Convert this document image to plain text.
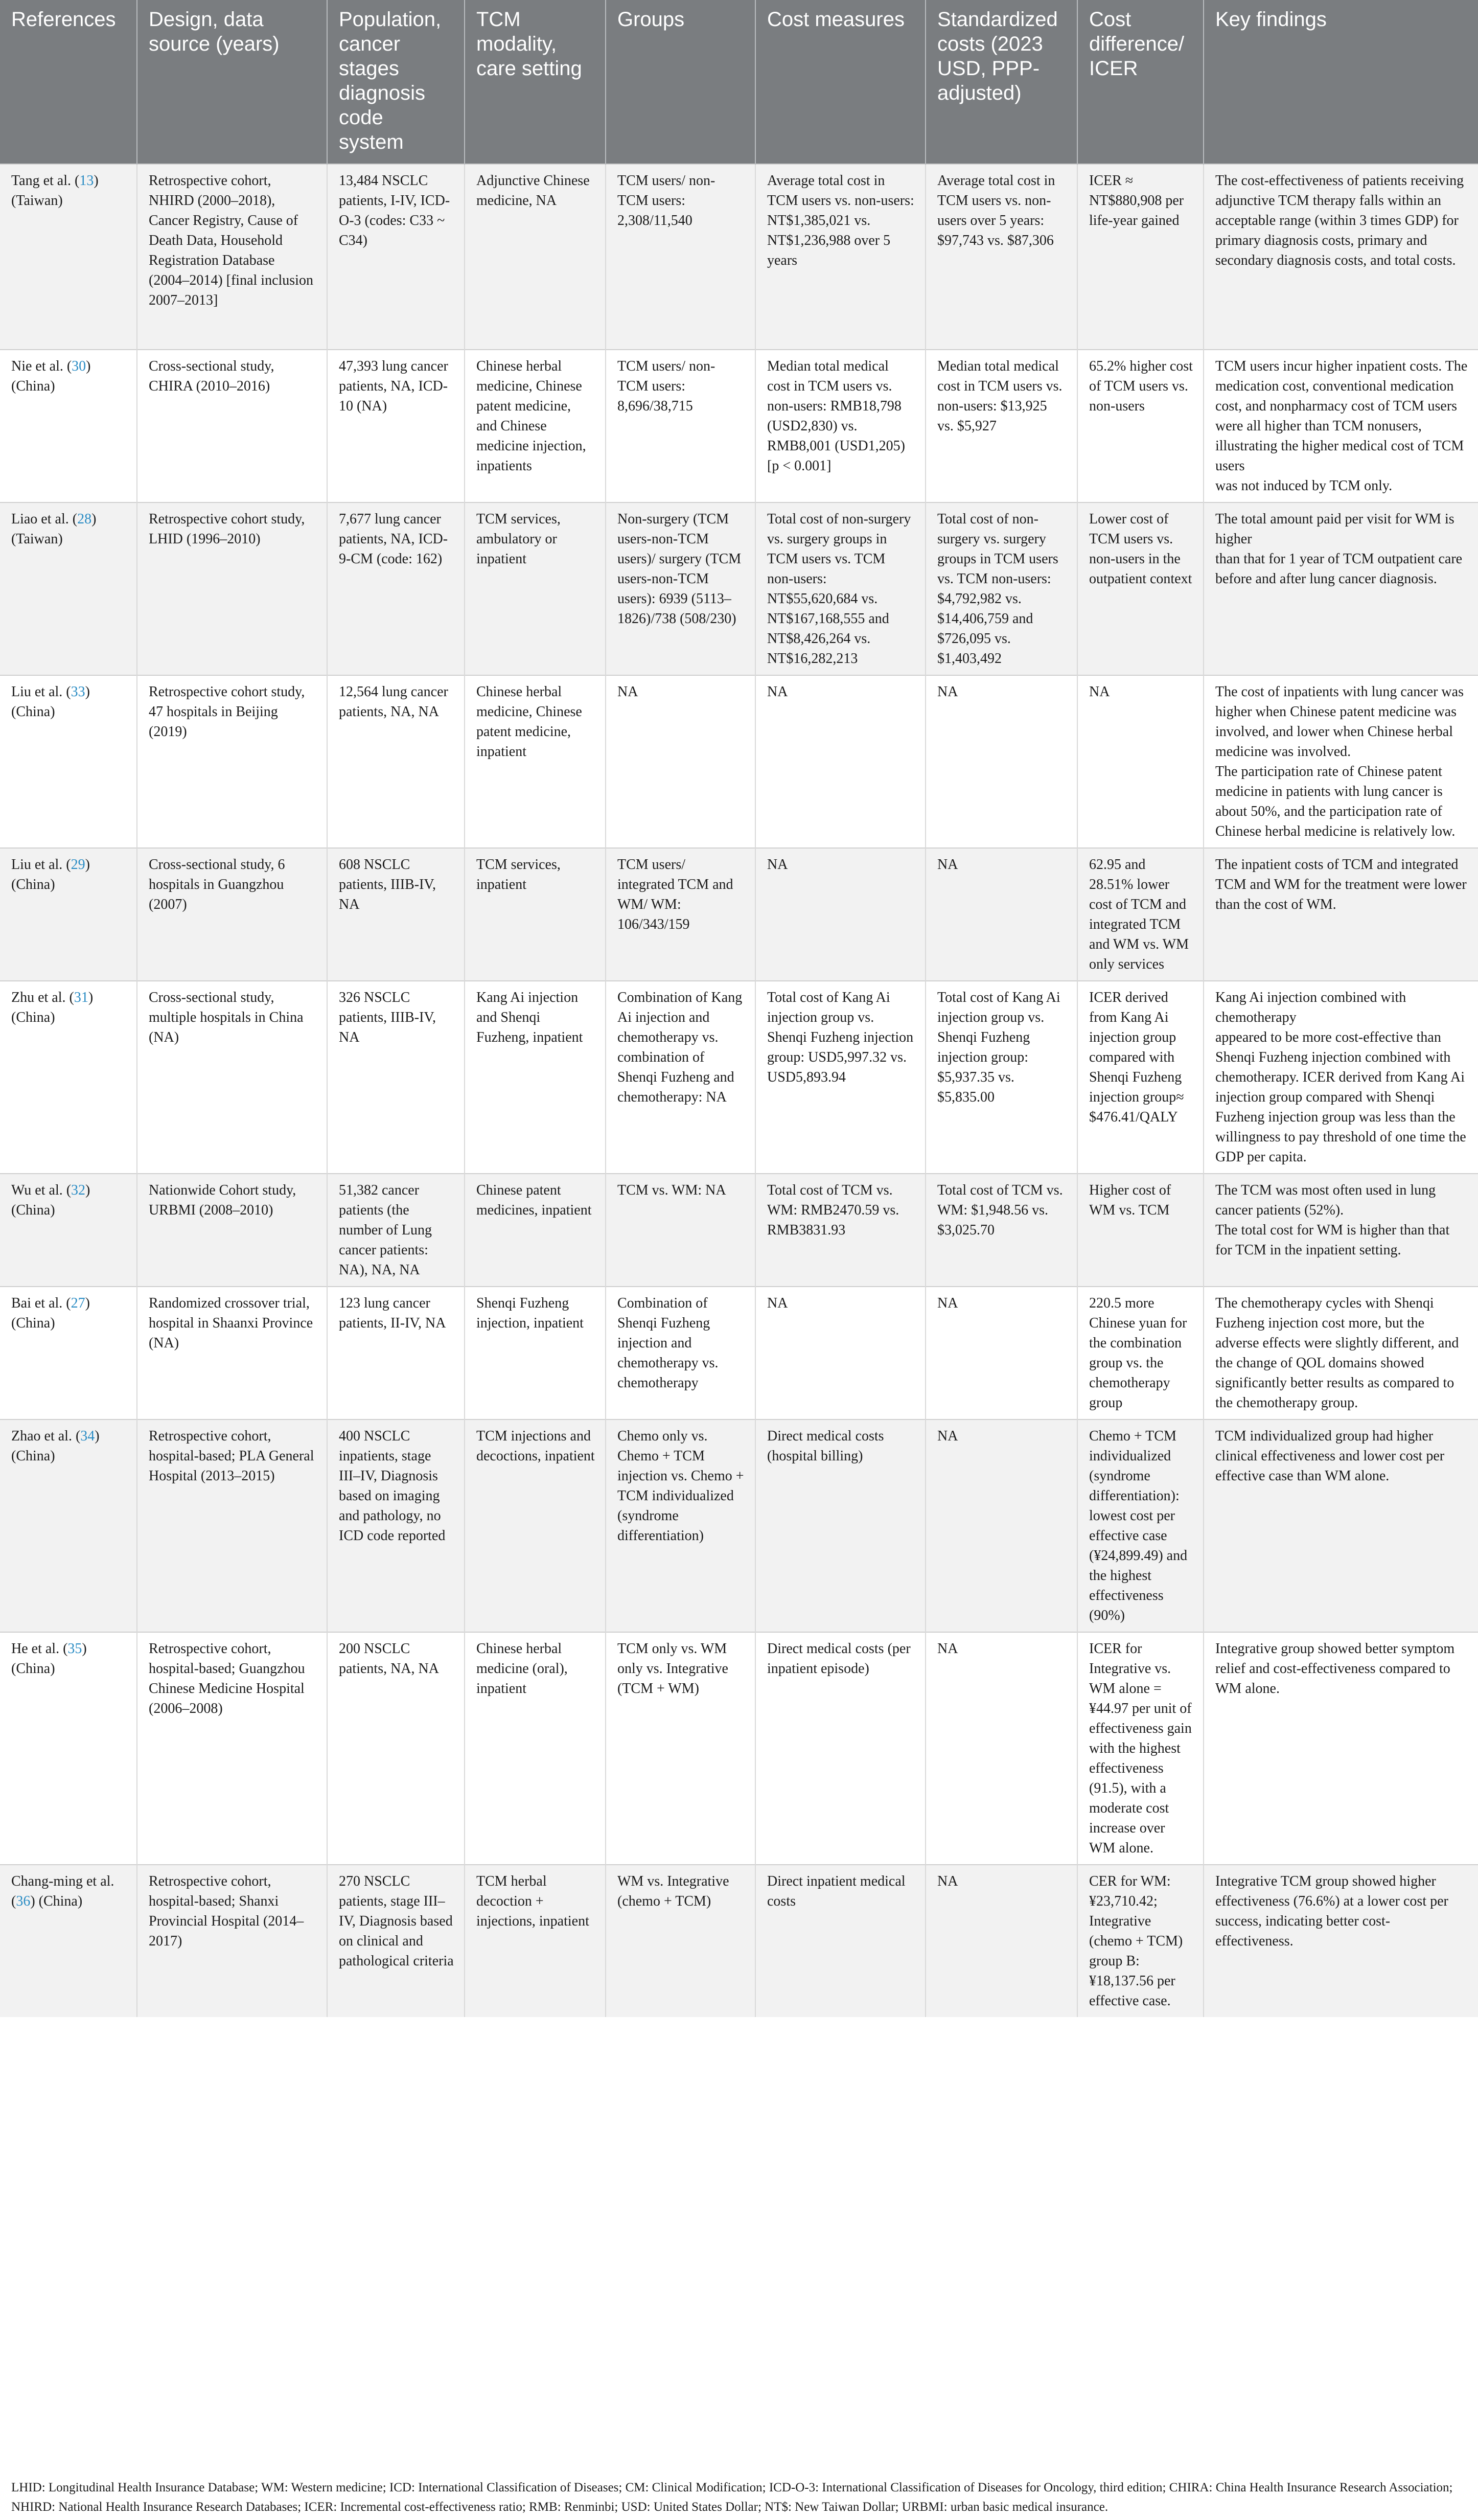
References	Design, data source (years)	Population, cancer stages diagnosis code system	TCM modality, care setting	Groups	Cost measures	Standardized costs (2023 USD, PPP-adjusted)	Cost difference/ ICER	Key findings
Tang et al. (13) (Taiwan)	Retrospective cohort, NHIRD (2000–2018), Cancer Registry, Cause of Death Data, Household Registration Database (2004–2014) [final inclusion 2007–2013]	13,484 NSCLC patients, I-IV, ICD-O-3 (codes: C33 ~ C34)	Adjunctive Chinese medicine, NA	TCM users/ non-TCM users: 2,308/11,540	Average total cost in TCM users vs. non-users: NT$1,385,021 vs. NT$1,236,988 over 5 years	Average total cost in TCM users vs. non-users over 5 years: $97,743 vs. $87,306	ICER ≈ NT$880,908 per life-year gained	The cost-effectiveness of patients receiving adjunctive TCM therapy falls within an acceptable range (within 3 times GDP) for primary diagnosis costs, primary and secondary diagnosis costs, and total costs.
Nie et al. (30) (China)	Cross-sectional study, CHIRA (2010–2016)	47,393 lung cancer patients, NA, ICD-10 (NA)	Chinese herbal medicine, Chinese patent medicine, and Chinese medicine injection, inpatients	TCM users/ non-TCM users: 8,696/38,715	Median total medical cost in TCM users vs. non-users: RMB18,798 (USD2,830) vs. RMB8,001 (USD1,205) [p < 0.001]	Median total medical cost in TCM users vs. non-users: $13,925 vs. $5,927	65.2% higher cost of TCM users vs. non-users	TCM users incur higher inpatient costs. The medication cost, conventional medication cost, and nonpharmacy cost of TCM users were all higher than TCM nonusers, illustrating the higher medical cost of TCM users
was not induced by TCM only.
Liao et al. (28) (Taiwan)	Retrospective cohort study, LHID (1996–2010)	7,677 lung cancer patients, NA, ICD-9-CM (code: 162)	TCM services, ambulatory or inpatient	Non-surgery (TCM users-non-TCM users)/ surgery (TCM users-non-TCM users): 6939 (5113–1826)/738 (508/230)	Total cost of non-surgery vs. surgery groups in TCM users vs. TCM non-users: NT$55,620,684 vs. NT$167,168,555 and NT$8,426,264 vs. NT$16,282,213	Total cost of non-surgery vs. surgery groups in TCM users vs. TCM non-users: $4,792,982 vs. $14,406,759 and $726,095 vs. $1,403,492	Lower cost of TCM users vs. non-users in the outpatient context	The total amount paid per visit for WM is higher
than that for 1 year of TCM outpatient care before and after lung cancer diagnosis.
Liu et al. (33) (China)	Retrospective cohort study, 47 hospitals in Beijing (2019)	12,564 lung cancer patients, NA, NA	Chinese herbal medicine, Chinese patent medicine, inpatient	NA	NA	NA	NA	The cost of inpatients with lung cancer was higher when Chinese patent medicine was involved, and lower when Chinese herbal medicine was involved.
The participation rate of Chinese patent medicine in patients with lung cancer is about 50%, and the participation rate of Chinese herbal medicine is relatively low.
Liu et al. (29) (China)	Cross-sectional study, 6 hospitals in Guangzhou (2007)	608 NSCLC patients, IIIB-IV, NA	TCM services, inpatient	TCM users/ integrated TCM and WM/ WM: 106/343/159	NA	NA	62.95 and 28.51% lower cost of TCM and integrated TCM and WM vs. WM only services	The inpatient costs of TCM and integrated TCM and WM for the treatment were lower than the cost of WM.
Zhu et al. (31) (China)	Cross-sectional study, multiple hospitals in China (NA)	326 NSCLC patients, IIIB-IV, NA	Kang Ai injection and Shenqi Fuzheng, inpatient	Combination of Kang Ai injection and chemotherapy vs. combination of Shenqi Fuzheng and chemotherapy: NA	Total cost of Kang Ai injection group vs. Shenqi Fuzheng injection group: USD5,997.32 vs. USD5,893.94	Total cost of Kang Ai injection group vs. Shenqi Fuzheng injection group: $5,937.35 vs. $5,835.00	ICER derived from Kang Ai injection group compared with Shenqi Fuzheng injection group≈ $476.41/QALY	Kang Ai injection combined with chemotherapy
appeared to be more cost-effective than Shenqi Fuzheng injection combined with chemotherapy. ICER derived from Kang Ai injection group compared with Shenqi Fuzheng injection group was less than the willingness to pay threshold of one time the GDP per capita.
Wu et al. (32) (China)	Nationwide Cohort study, URBMI (2008–2010)	51,382 cancer patients (the number of Lung cancer patients: NA), NA, NA	Chinese patent medicines, inpatient	TCM vs. WM: NA	Total cost of TCM vs. WM: RMB2470.59 vs. RMB3831.93	Total cost of TCM vs. WM: $1,948.56 vs. $3,025.70	Higher cost of WM vs. TCM	The TCM was most often used in lung cancer patients (52%).
The total cost for WM is higher than that for TCM in the inpatient setting.
Bai et al. (27) (China)	Randomized crossover trial, hospital in Shaanxi Province (NA)	123 lung cancer patients, II-IV, NA	Shenqi Fuzheng injection, inpatient	Combination of Shenqi Fuzheng injection and chemotherapy vs. chemotherapy	NA	NA	220.5 more Chinese yuan for the combination group vs. the chemotherapy group	The chemotherapy cycles with Shenqi Fuzheng injection cost more, but the adverse effects were slightly different, and the change of QOL domains showed significantly better results as compared to the chemotherapy group.
Zhao et al. (34) (China)	Retrospective cohort, hospital-based; PLA General Hospital (2013–2015)	400 NSCLC inpatients, stage III–IV, Diagnosis based on imaging and pathology, no ICD code reported	TCM injections and decoctions, inpatient	Chemo only vs. Chemo + TCM injection vs. Chemo + TCM individualized (syndrome differentiation)	Direct medical costs (hospital billing)	NA	Chemo + TCM individualized (syndrome differentiation): lowest cost per effective case (¥24,899.49) and the highest effectiveness (90%)	TCM individualized group had higher clinical effectiveness and lower cost per effective case than WM alone.
He et al. (35) (China)	Retrospective cohort, hospital-based; Guangzhou Chinese Medicine Hospital (2006–2008)	200 NSCLC patients, NA, NA	Chinese herbal medicine (oral), inpatient	TCM only vs. WM only vs. Integrative (TCM + WM)	Direct medical costs (per inpatient episode)	NA	ICER for Integrative vs. WM alone = ¥44.97 per unit of effectiveness gain with the highest effectiveness (91.5), with a moderate cost increase over WM alone.	Integrative group showed better symptom relief and cost-effectiveness compared to WM alone.
Chang-ming et al. (36) (China)	Retrospective cohort, hospital-based; Shanxi Provincial Hospital (2014–2017)	270 NSCLC patients, stage III–IV, Diagnosis based on clinical and pathological criteria	TCM herbal decoction + injections, inpatient	WM vs. Integrative (chemo + TCM)	Direct inpatient medical costs	NA	CER for WM: ¥23,710.42; Integrative (chemo + TCM) group B: ¥18,137.56 per effective case.	Integrative TCM group showed higher effectiveness (76.6%) at a lower cost per success, indicating better cost-effectiveness.
LHID: Longitudinal Health Insurance Database; WM: Western medicine; ICD: International Classification of Diseases; CM: Clinical Modification; ICD-O-3: International Classification of Diseases for Oncology, third edition; CHIRA: China Health Insurance Research Association; NHIRD: National Health Insurance Research Databases; ICER: Incremental cost-effectiveness ratio; RMB: Renminbi; USD: United States Dollar; NT$: New Taiwan Dollar; URBMI: urban basic medical insurance.
